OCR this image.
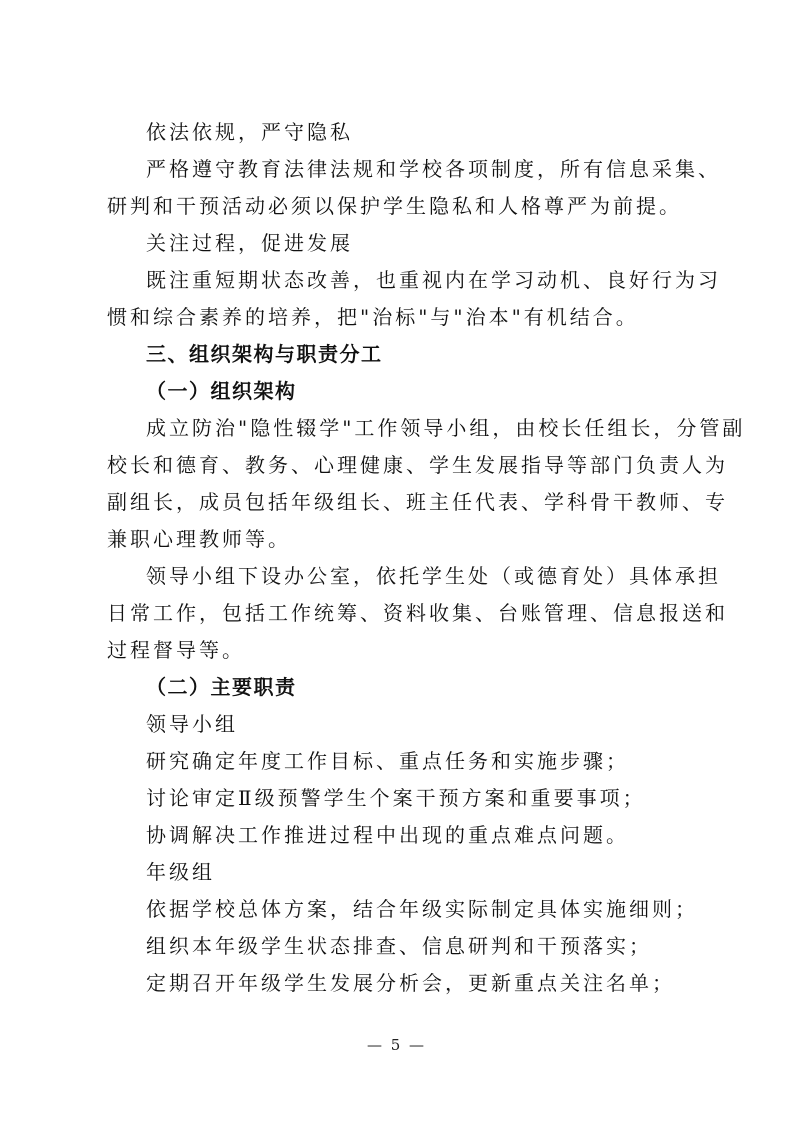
依法依规，严守隐私
严格遵守教育法律法规和学校各项制度，所有信息采集、
研判和干预活动必须以保护学生隐私和人格尊严为前提。
关注过程，促进发展
既注重短期状态改善，也重视内在学习动机、良好行为习
惯和综合素养的培养，把"治标"与"治本"有机结合。
三、组织架构与职责分工
（一）组织架构
成立防治"隐性辍学"工作领导小组，由校长任组长，分管副
校长和德育、教务、心理健康、学生发展指导等部门负责人为
副组长，成员包括年级组长、班主任代表、学科骨干教师、专
兼职心理教师等。
领导小组下设办公室，依托学生处（或德育处）具体承担
日常工作，包括工作统筹、资料收集、台账管理、信息报送和
过程督导等。
（二）主要职责
领导小组
研究确定年度工作目标、重点任务和实施步骤；
讨论审定Ⅱ级预警学生个案干预方案和重要事项；
协调解决工作推进过程中出现的重点难点问题。
年级组
依据学校总体方案，结合年级实际制定具体实施细则；
组织本年级学生状态排查、信息研判和干预落实；
定期召开年级学生发展分析会，更新重点关注名单；
— 5 —
